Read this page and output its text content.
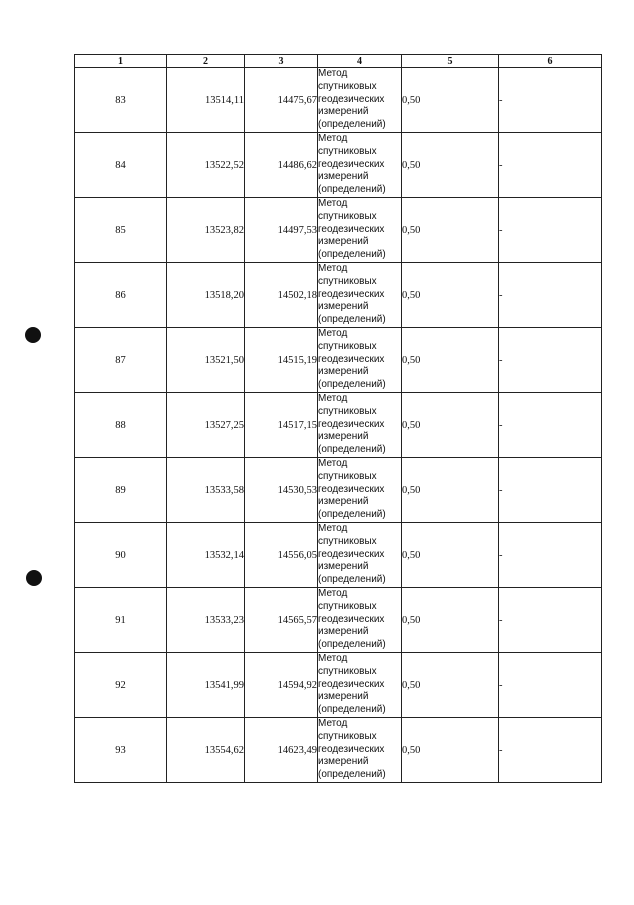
1	2	3	4	5	6
83	13514,11	14475,67	Метод
спутниковых
геодезических
измерений
(определений)	0,50	-
84	13522,52	14486,62	Метод
спутниковых
геодезических
измерений
(определений)	0,50	-
85	13523,82	14497,53	Метод
спутниковых
геодезических
измерений
(определений)	0,50	-
86	13518,20	14502,18	Метод
спутниковых
геодезических
измерений
(определений)	0,50	-
87	13521,50	14515,19	Метод
спутниковых
геодезических
измерений
(определений)	0,50	-
88	13527,25	14517,15	Метод
спутниковых
геодезических
измерений
(определений)	0,50	-
89	13533,58	14530,53	Метод
спутниковых
геодезических
измерений
(определений)	0,50	-
90	13532,14	14556,05	Метод
спутниковых
геодезических
измерений
(определений)	0,50	-
91	13533,23	14565,57	Метод
спутниковых
геодезических
измерений
(определений)	0,50	-
92	13541,99	14594,92	Метод
спутниковых
геодезических
измерений
(определений)	0,50	-
93	13554,62	14623,49	Метод
спутниковых
геодезических
измерений
(определений)	0,50	-
